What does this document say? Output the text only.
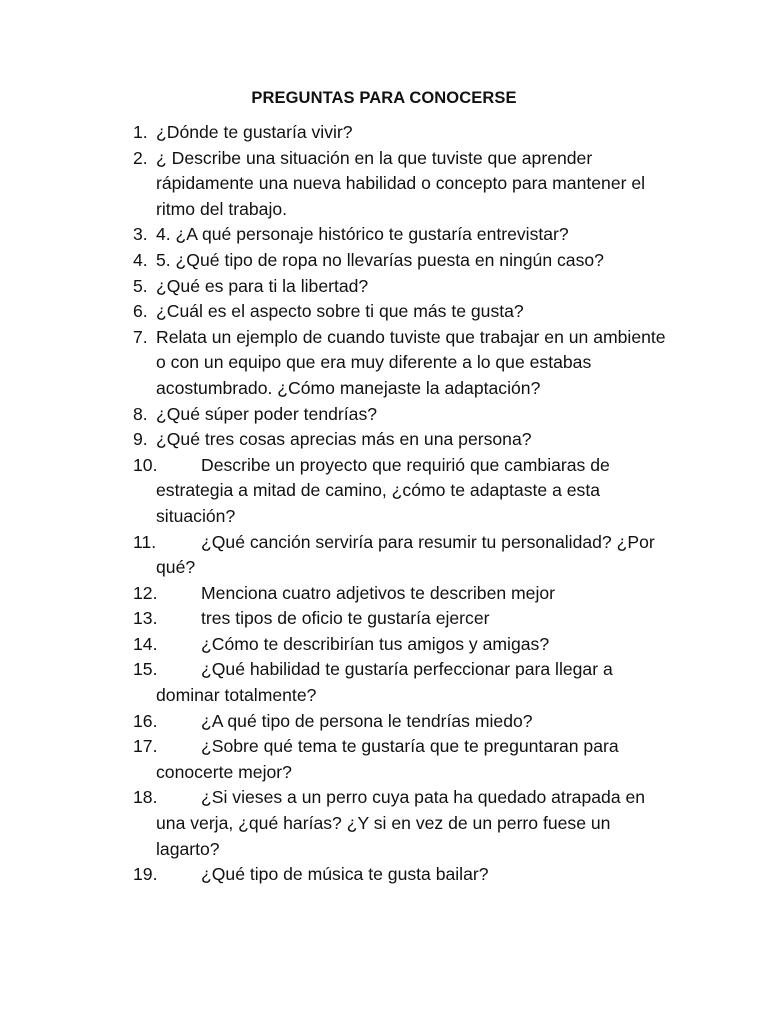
PREGUNTAS PARA CONOCERSE
1. ¿Dónde te gustaría vivir?
2. ¿ Describe una situación en la que tuviste que aprender rápidamente una nueva habilidad o concepto para mantener el ritmo del trabajo.
3. 4. ¿A qué personaje histórico te gustaría entrevistar?
4. 5. ¿Qué tipo de ropa no llevarías puesta en ningún caso?
5. ¿Qué es para ti la libertad?
6. ¿Cuál es el aspecto sobre ti que más te gusta?
7. Relata un ejemplo de cuando tuviste que trabajar en un ambiente o con un equipo que era muy diferente a lo que estabas acostumbrado. ¿Cómo manejaste la adaptación?
8. ¿Qué súper poder tendrías?
9. ¿Qué tres cosas aprecias más en una persona?
10.	Describe un proyecto que requirió que cambiaras de estrategia a mitad de camino, ¿cómo te adaptaste a esta situación?
11.	¿Qué canción serviría para resumir tu personalidad? ¿Por qué?
12.	Menciona cuatro adjetivos te describen mejor
13.	tres tipos de oficio te gustaría ejercer
14.	¿Cómo te describirían tus amigos y amigas?
15.	¿Qué habilidad te gustaría perfeccionar para llegar a dominar totalmente?
16.	¿A qué tipo de persona le tendrías miedo?
17.	¿Sobre qué tema te gustaría que te preguntaran para conocerte mejor?
18.	¿Si vieses a un perro cuya pata ha quedado atrapada en una verja, ¿qué harías? ¿Y si en vez de un perro fuese un lagarto?
19.	¿Qué tipo de música te gusta bailar?
